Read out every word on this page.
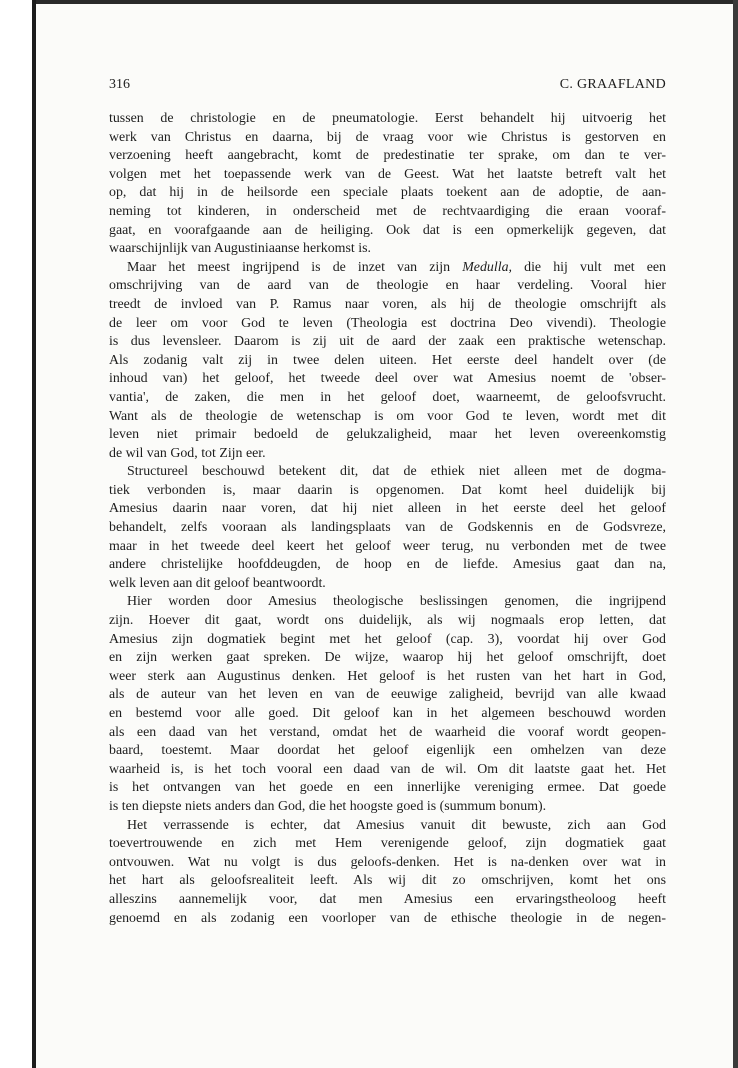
316	C. GRAAFLAND
tussen de christologie en de pneumatologie. Eerst behandelt hij uitvoerig het
werk van Christus en daarna, bij de vraag voor wie Christus is gestorven en
verzoening heeft aangebracht, komt de predestinatie ter sprake, om dan te ver-
volgen met het toepassende werk van de Geest. Wat het laatste betreft valt het
op, dat hij in de heilsorde een speciale plaats toekent aan de adoptie, de aan-
neming tot kinderen, in onderscheid met de rechtvaardiging die eraan vooraf-
gaat, en voorafgaande aan de heiliging. Ook dat is een opmerkelijk gegeven, dat
waarschijnlijk van Augustiniaanse herkomst is.
Maar het meest ingrijpend is de inzet van zijn Medulla, die hij vult met een
omschrijving van de aard van de theologie en haar verdeling. Vooral hier
treedt de invloed van P. Ramus naar voren, als hij de theologie omschrijft als
de leer om voor God te leven (Theologia est doctrina Deo vivendi). Theologie
is dus levensleer. Daarom is zij uit de aard der zaak een praktische wetenschap.
Als zodanig valt zij in twee delen uiteen. Het eerste deel handelt over (de
inhoud van) het geloof, het tweede deel over wat Amesius noemt de 'obser-
vantia', de zaken, die men in het geloof doet, waarneemt, de geloofsvrucht.
Want als de theologie de wetenschap is om voor God te leven, wordt met dit
leven niet primair bedoeld de gelukzaligheid, maar het leven overeenkomstig
de wil van God, tot Zijn eer.
Structureel beschouwd betekent dit, dat de ethiek niet alleen met de dogma-
tiek verbonden is, maar daarin is opgenomen. Dat komt heel duidelijk bij
Amesius daarin naar voren, dat hij niet alleen in het eerste deel het geloof
behandelt, zelfs vooraan als landingsplaats van de Godskennis en de Godsvreze,
maar in het tweede deel keert het geloof weer terug, nu verbonden met de twee
andere christelijke hoofddeugden, de hoop en de liefde. Amesius gaat dan na,
welk leven aan dit geloof beantwoordt.
Hier worden door Amesius theologische beslissingen genomen, die ingrijpend
zijn. Hoever dit gaat, wordt ons duidelijk, als wij nogmaals erop letten, dat
Amesius zijn dogmatiek begint met het geloof (cap. 3), voordat hij over God
en zijn werken gaat spreken. De wijze, waarop hij het geloof omschrijft, doet
weer sterk aan Augustinus denken. Het geloof is het rusten van het hart in God,
als de auteur van het leven en van de eeuwige zaligheid, bevrijd van alle kwaad
en bestemd voor alle goed. Dit geloof kan in het algemeen beschouwd worden
als een daad van het verstand, omdat het de waarheid die vooraf wordt geopen-
baard, toestemt. Maar doordat het geloof eigenlijk een omhelzen van deze
waarheid is, is het toch vooral een daad van de wil. Om dit laatste gaat het. Het
is het ontvangen van het goede en een innerlijke vereniging ermee. Dat goede
is ten diepste niets anders dan God, die het hoogste goed is (summum bonum).
Het verrassende is echter, dat Amesius vanuit dit bewuste, zich aan God
toevertrouwende en zich met Hem verenigende geloof, zijn dogmatiek gaat
ontvouwen. Wat nu volgt is dus geloofs-denken. Het is na-denken over wat in
het hart als geloofsrealiteit leeft. Als wij dit zo omschrijven, komt het ons
alleszins aannemelijk voor, dat men Amesius een ervaringstheoloog heeft
genoemd en als zodanig een voorloper van de ethische theologie in de negen-
